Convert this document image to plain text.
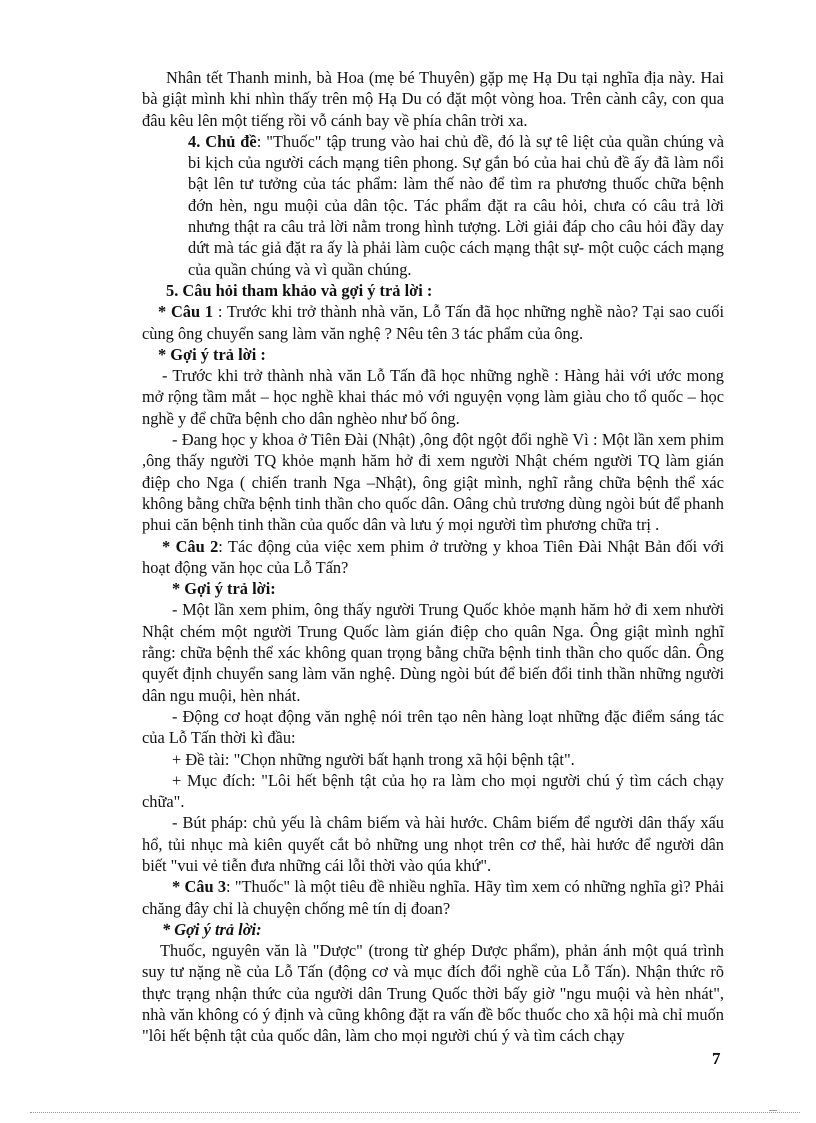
Nhân tết Thanh minh, bà Hoa (mẹ bé Thuyên) gặp mẹ Hạ Du tại nghĩa địa này. Hai bà giật mình khi nhìn thấy trên mộ Hạ Du có đặt một vòng hoa. Trên cành cây, con qua đâu kêu lên một tiếng rồi vỗ cánh bay về phía chân trời xa.

4. Chủ đề: "Thuốc" tập trung vào hai chủ đề, đó là sự tê liệt của quần chúng và bi kịch của người cách mạng tiên phong. Sự gắn bó của hai chủ đề ấy đã làm nổi bật lên tư tưởng của tác phẩm: làm thế nào để tìm ra phương thuốc chữa bệnh đớn hèn, ngu muội của dân tộc. Tác phẩm đặt ra câu hỏi, chưa có câu trả lời nhưng thật ra câu trả lời nằm trong hình tượng. Lời giải đáp cho câu hỏi đầy day dứt mà tác giả đặt ra ấy là phải làm cuộc cách mạng thật sự- một cuộc cách mạng của quần chúng và vì quần chúng.

5. Câu hỏi tham khảo và gợi ý trả lời :

* Câu 1 : Trước khi trở thành nhà văn, Lỗ Tấn đã học những nghề nào? Tại sao cuối cùng ông chuyển sang làm văn nghệ ? Nêu tên 3 tác phẩm của ông.

* Gợi ý trả lời :

- Trước khi trở thành nhà văn Lỗ Tấn đã học những nghề : Hàng hải với ước mong mở rộng tầm mắt – học nghề khai thác mỏ với nguyện vọng làm giàu cho tổ quốc – học nghề y để chữa bệnh cho dân nghèo như bố ông.

- Đang học y khoa ở Tiên Đài (Nhật) ,ông đột ngột đổi nghề Vì : Một lần xem phim ,ông thấy người TQ khỏe mạnh hăm hở đi xem người Nhật chém người TQ làm gián điệp cho Nga ( chiến tranh Nga –Nhật), ông giật mình, nghĩ rằng chữa bệnh thể xác không bằng chữa bệnh tinh thần cho quốc dân. Oâng chủ trương dùng ngòi bút để phanh phui căn bệnh tinh thần của quốc dân và lưu ý mọi người tìm phương chữa trị .

* Câu 2: Tác động của việc xem phim ở trường y khoa Tiên Đài Nhật Bản đối với hoạt động văn học của Lỗ Tấn?

* Gợi ý trả lời:

- Một lần xem phim, ông thấy người Trung Quốc khỏe mạnh hăm hở đi xem nhười Nhật chém một người Trung Quốc làm gián điệp cho quân Nga. Ông giật mình nghĩ rằng: chữa bệnh thể xác không quan trọng bằng chữa bệnh tinh thần cho quốc dân. Ông quyết định chuyển sang làm văn nghệ. Dùng ngòi bút để biến đổi tinh thần những người dân ngu muội, hèn nhát.

- Động cơ hoạt động văn nghệ nói trên tạo nên hàng loạt những đặc điểm sáng tác của Lỗ Tấn thời kì đầu:

+ Đề tài: "Chọn những người bất hạnh trong xã hội bệnh tật".

+ Mục đích: "Lôi hết bệnh tật của họ ra làm cho mọi người chú ý tìm cách chạy chữa".

- Bút pháp: chủ yếu là châm biếm và hài hước. Châm biếm để người dân thấy xấu hổ, tủi nhục mà kiên quyết cắt bỏ những ung nhọt trên cơ thể, hài hước để người dân biết "vui vẻ tiễn đưa những cái lỗi thời vào qúa khứ".

* Câu 3: "Thuốc" là một tiêu đề nhiều nghĩa. Hãy tìm xem có những nghĩa gì? Phải chăng đây chỉ là chuyện chống mê tín dị đoan?

* Gợi ý trả lời:

Thuốc, nguyên văn là "Dược" (trong từ ghép Dược phẩm), phản ánh một quá trình suy tư nặng nề của Lỗ Tấn (động cơ và mục đích đổi nghề của Lỗ Tấn). Nhận thức rõ thực trạng nhận thức của người dân Trung Quốc thời bấy giờ "ngu muội và hèn nhát", nhà văn không có ý định và cũng không đặt ra vấn đề bốc thuốc cho xã hội mà chỉ muốn "lôi hết bệnh tật của quốc dân, làm cho mọi người chú ý và tìm cách chạy

7
